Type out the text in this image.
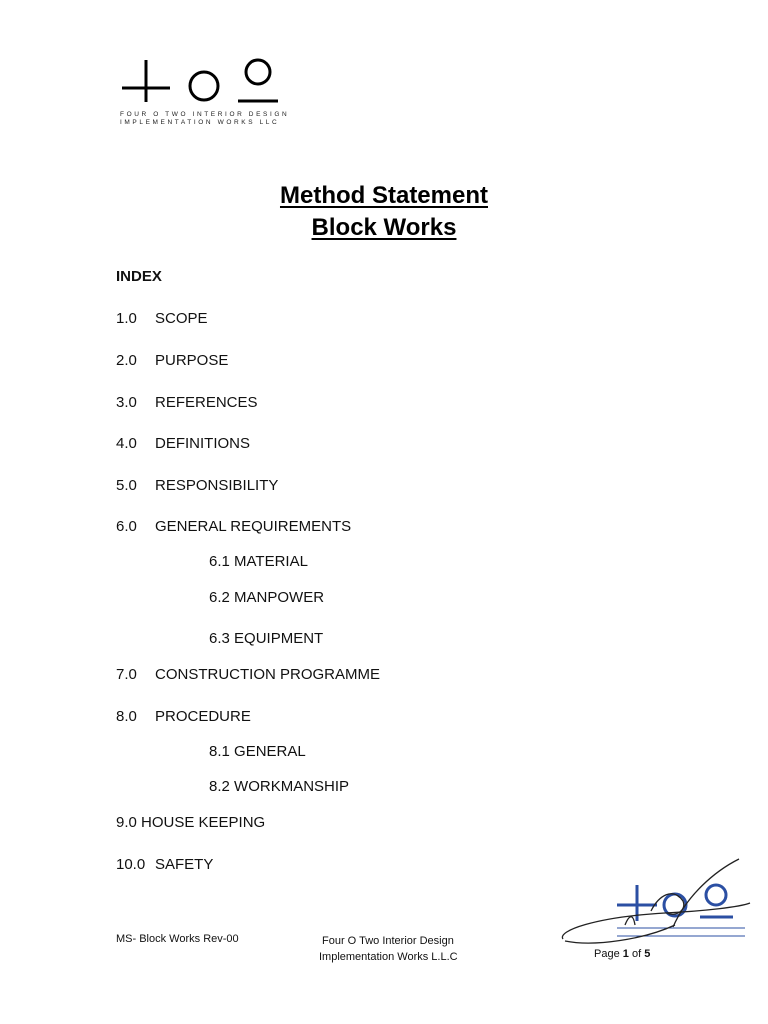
FOUR O TWO INTERIOR DESIGN
IMPLEMENTATION WORKS LLC
Method Statement
Block Works
INDEX
1.0 SCOPE
2.0 PURPOSE
3.0 REFERENCES
4.0 DEFINITIONS
5.0 RESPONSIBILITY
6.0 GENERAL REQUIREMENTS
6.1 MATERIAL
6.2 MANPOWER
6.3 EQUIPMENT
7.0 CONSTRUCTION PROGRAMME
8.0 PROCEDURE
8.1 GENERAL
8.2 WORKMANSHIP
9.0 HOUSE KEEPING
10.0 SAFETY
MS- Block Works Rev-00	Four O Two Interior Design
Implementation Works L.L.C	Page 1 of 5
